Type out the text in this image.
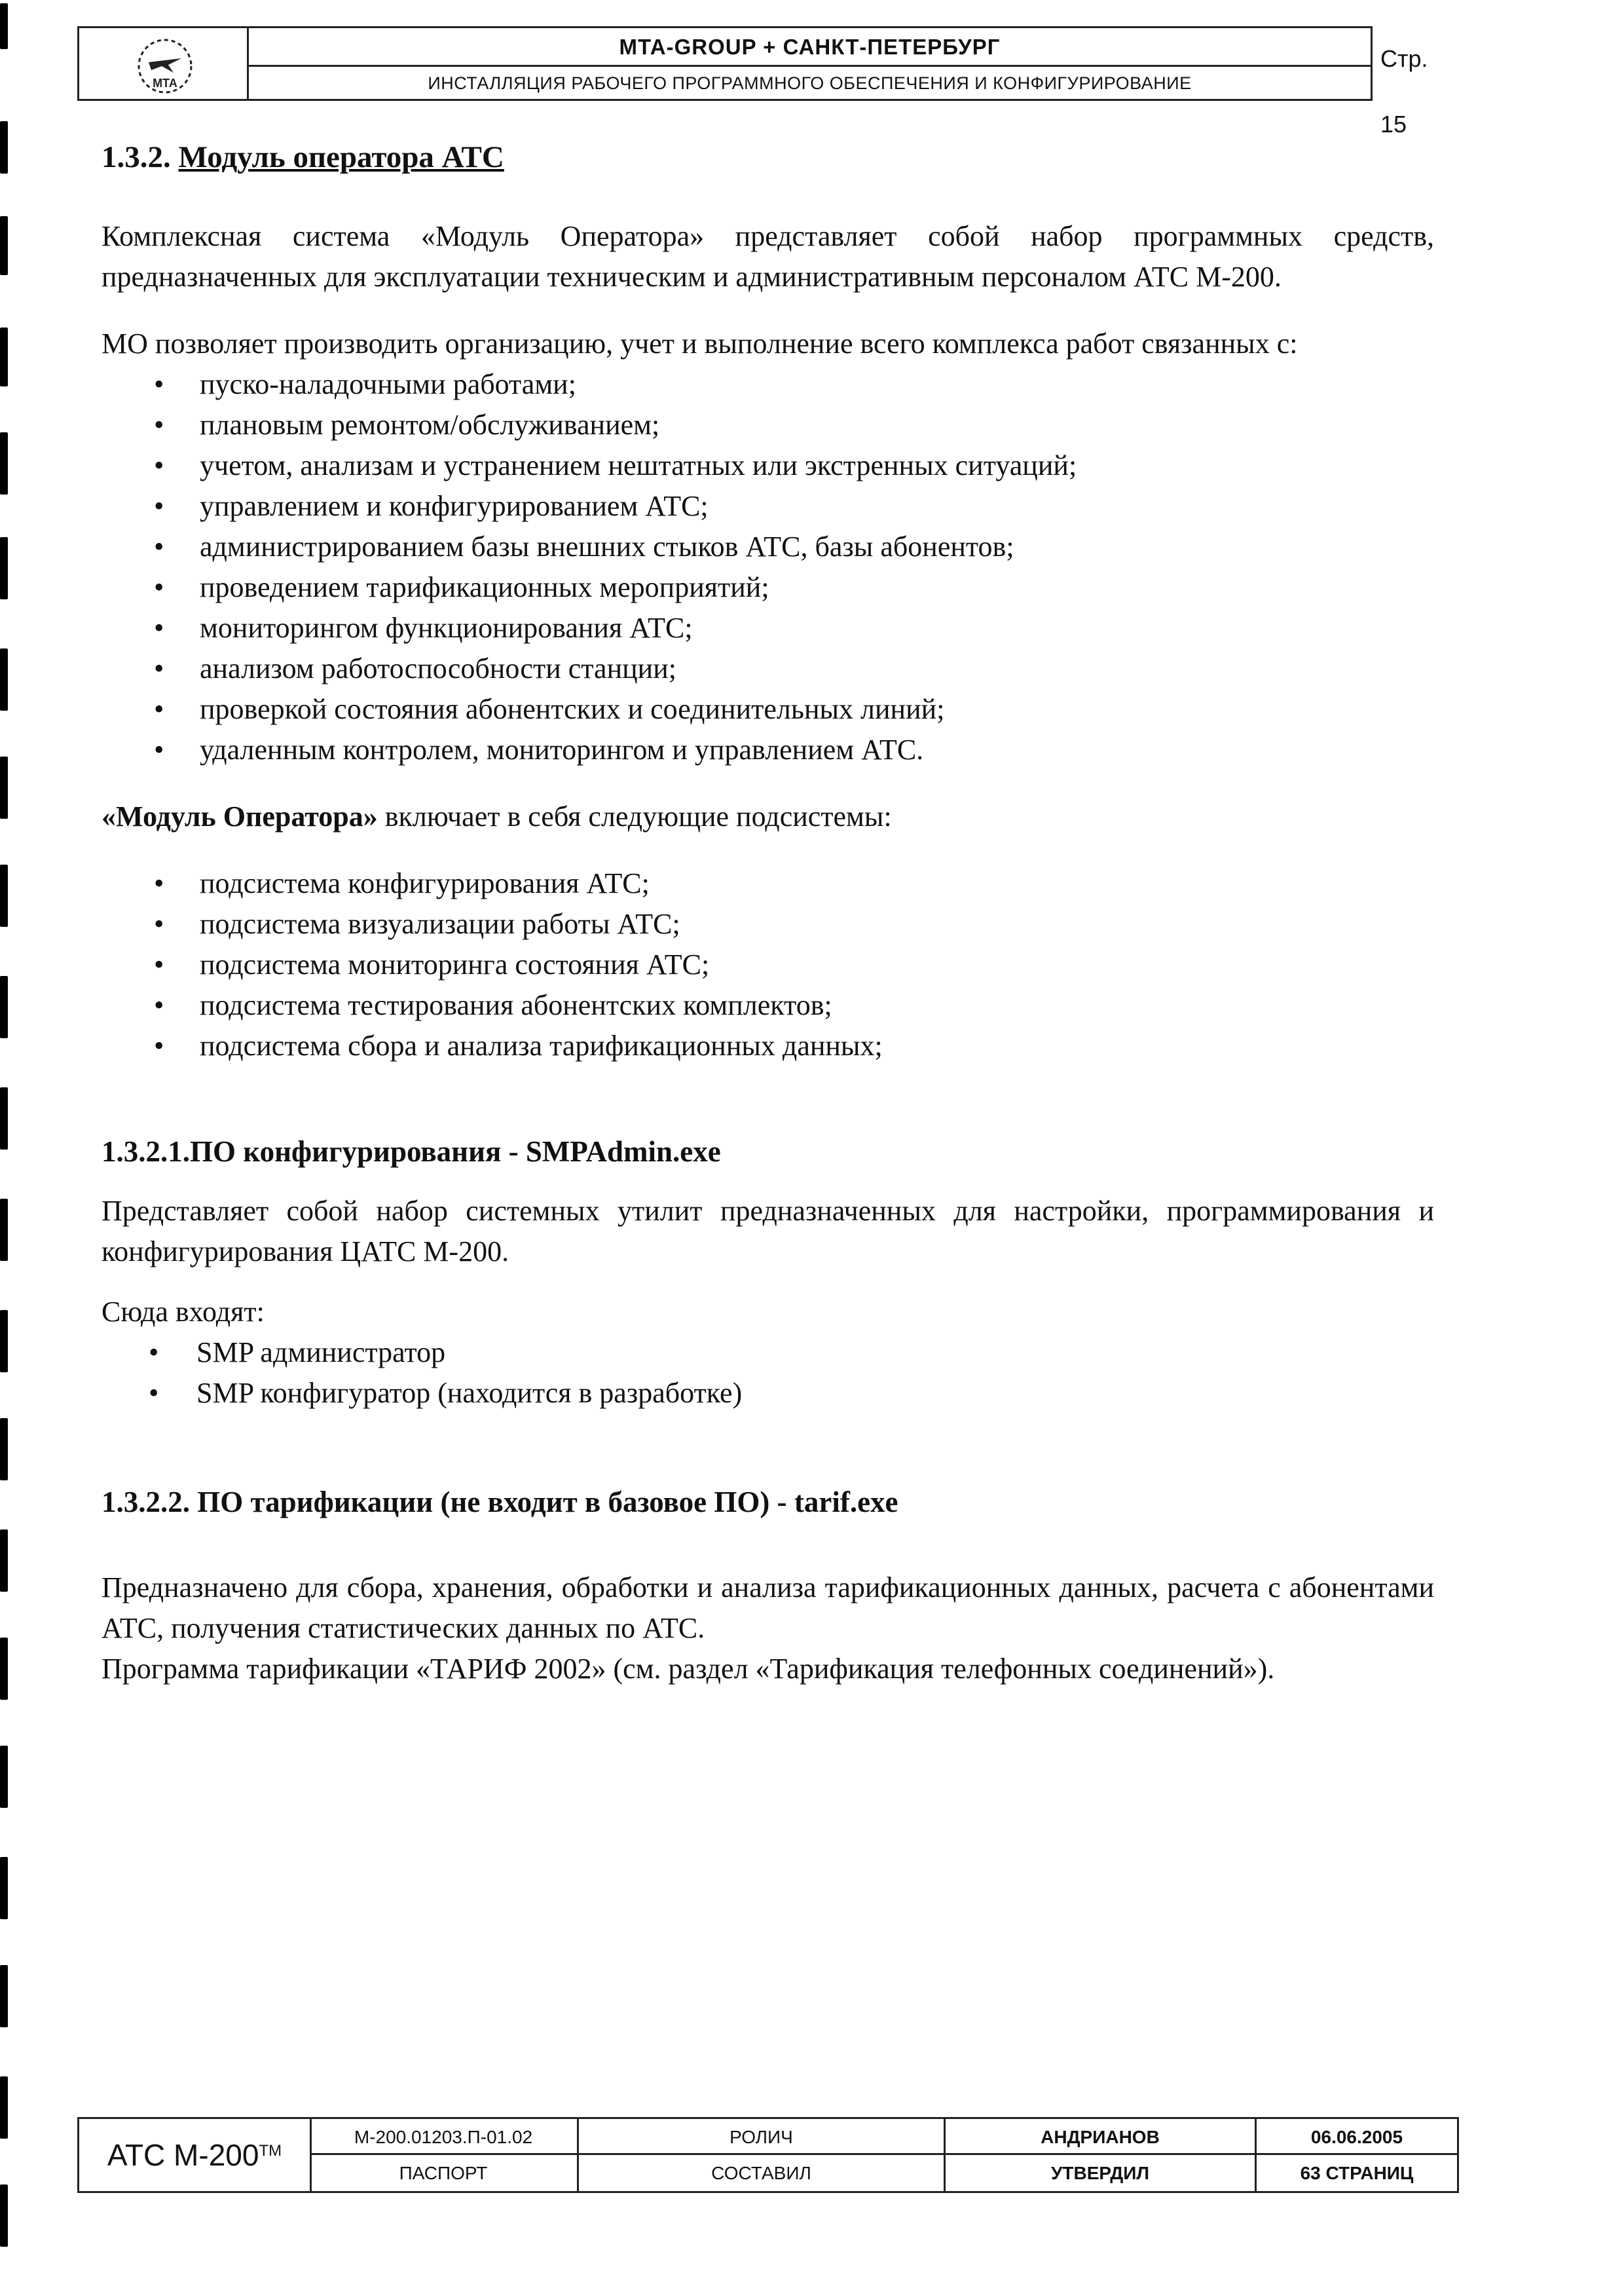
МТА
MTA-GROUP + САНКТ-ПЕТЕРБУРГ
ИНСТАЛЛЯЦИЯ РАБОЧЕГО ПРОГРАММНОГО ОБЕСПЕЧЕНИЯ И КОНФИГУРИРОВАНИЕ
Стр. 15
1.3.2. Модуль оператора АТС

Комплексная система «Модуль Оператора» представляет собой набор программных средств, предназначенных для эксплуатации техническим и административным персоналом АТС М-200.

МО позволяет производить организацию, учет и выполнение всего комплекса работ связанных с:

• пуско-наладочными работами;
• плановым ремонтом/обслуживанием;
• учетом, анализам и устранением нештатных или экстренных ситуаций;
• управлением и конфигурированием АТС;
• администрированием базы внешних стыков АТС, базы абонентов;
• проведением тарификационных мероприятий;
• мониторингом функционирования АТС;
• анализом работоспособности станции;
• проверкой состояния абонентских и соединительных линий;
• удаленным контролем, мониторингом и управлением АТС.

«Модуль Оператора» включает в себя следующие подсистемы:

• подсистема конфигурирования АТС;
• подсистема визуализации работы АТС;
• подсистема мониторинга состояния АТС;
• подсистема тестирования абонентских комплектов;
• подсистема сбора и анализа тарификационных данных;
1.3.2.1.ПО конфигурирования - SMPAdmin.exe

Представляет собой набор системных утилит предназначенных для настройки, программирования и конфигурирования ЦАТС М-200.

Сюда входят:

• SMP администратор
• SMP конфигуратор (находится в разработке)
1.3.2.2. ПО тарификации (не входит в базовое ПО) - tarif.exe

Предназначено для сбора, хранения, обработки и анализа тарификационных данных, расчета с абонентами АТС, получения статистических данных по АТС.

Программа тарификации «ТАРИФ 2002» (см. раздел «Тарификация телефонных соединений»).

АТС М-200™
М-200.01203.П-01.02	РОЛИЧ	АНДРИАНОВ	06.06.2005
ПАСПОРТ	СОСТАВИЛ	УТВЕРДИЛ	63 СТРАНИЦ
